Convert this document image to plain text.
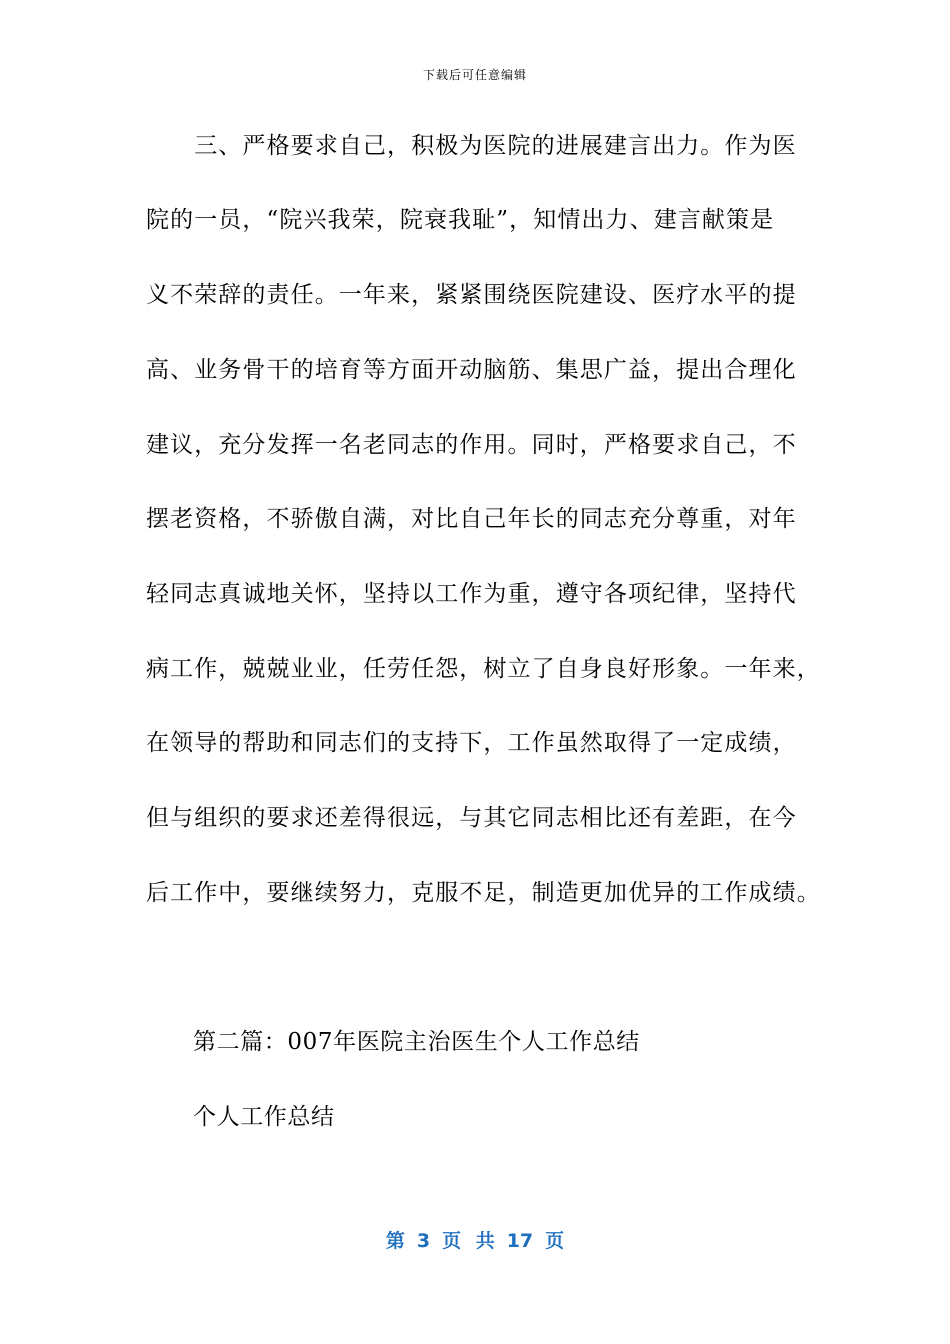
下载后可任意编辑
　　三、严格要求自己，积极为医院的进展建言出力。作为医
院的一员，“院兴我荣，院衰我耻”，知情出力、建言献策是
义不荣辞的责任。一年来，紧紧围绕医院建设、医疗水平的提
高、业务骨干的培育等方面开动脑筋、集思广益，提出合理化
建议，充分发挥一名老同志的作用。同时，严格要求自己，不
摆老资格，不骄傲自满，对比自己年长的同志充分尊重，对年
轻同志真诚地关怀，坚持以工作为重，遵守各项纪律，坚持代
病工作，兢兢业业，任劳任怨，树立了自身良好形象。一年来，
在领导的帮助和同志们的支持下，工作虽然取得了一定成绩，
但与组织的要求还差得很远，与其它同志相比还有差距，在今
后工作中，要继续努力，克服不足，制造更加优异的工作成绩。
第二篇：007年医院主治医生个人工作总结
个人工作总结
第 3 页 共 17 页
